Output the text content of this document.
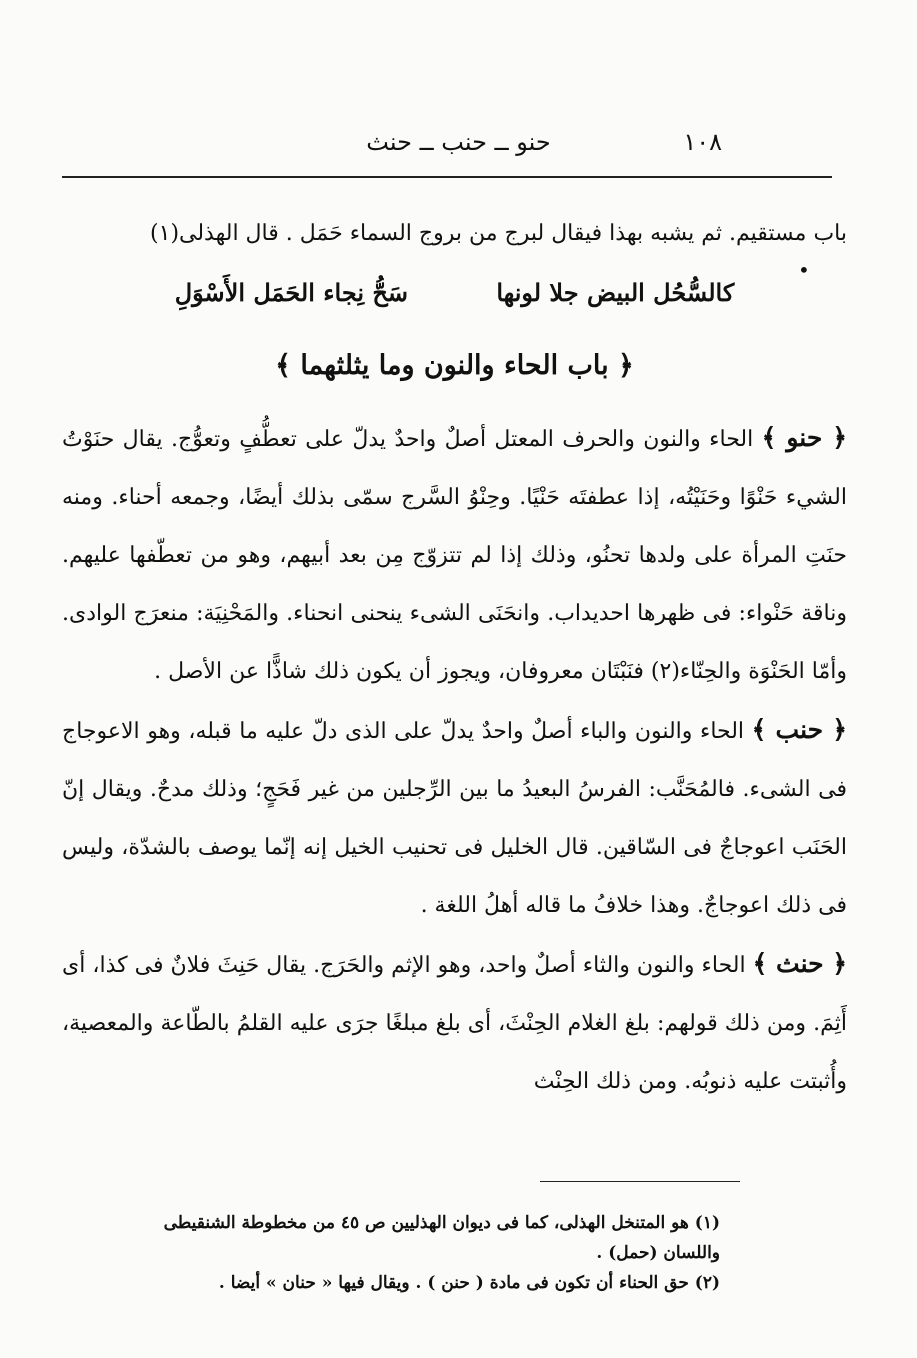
حنو ــ حنب ــ حنث	١٠٨
•

باب مستقيم. ثم يشبه بهذا فيقال لبرج من بروج السماء حَمَل . قال الهذلى(١)

كالسُّحُل البيض جلا لونها سَحُّ نِجاء الحَمَل الأَسْوَلِ
﴿ باب الحاء والنون وما يثلثهما ﴾

﴿ حنو ﴾ الحاء والنون والحرف المعتل أصلٌ واحدٌ يدلّ على تعطُّفٍ وتعوُّج. يقال حنَوْتُ الشيء حَنْوًا وحَنَيْتُه، إذا عطفتَه حَنْيًا. وحِنْوُ السَّرج سمّى بذلك أيضًا، وجمعه أحناء. ومنه حنَتِ المرأة على ولدها تحنُو، وذلك إذا لم تتزوّج مِن بعد أبيهم، وهو من تعطّفها عليهم. وناقة حَنْواء: فى ظهرها احديداب. وانحَنَى الشىء ينحنى انحناء. والمَحْنِيَة: منعرَج الوادى. وأمّا الحَنْوَة والحِنّاء(٢) فنَبْتَان معروفان، ويجوز أن يكون ذلك شاذًّا عن الأصل .

﴿ حنب ﴾ الحاء والنون والباء أصلٌ واحدٌ يدلّ على الذى دلّ عليه ما قبله، وهو الاعوجاج فى الشىء. فالمُحَنَّب: الفرسُ البعيدُ ما بين الرِّجلين من غير فَحَجٍ؛ وذلك مدحٌ. ويقال إنّ الحَنَب اعوجاجٌ فى السّاقين. قال الخليل فى تحنيب الخيل إنه إنّما يوصف بالشدّة، وليس فى ذلك اعوجاجٌ. وهذا خلافُ ما قاله أهلُ اللغة .

﴿ حنث ﴾ الحاء والنون والثاء أصلٌ واحد، وهو الإثم والحَرَج. يقال حَنِثَ فلانٌ فى كذا، أى أَثِمَ. ومن ذلك قولهم: بلغ الغلام الحِنْثَ، أى بلغ مبلغًا جرَى عليه القلمُ بالطّاعة والمعصية، وأُثبتت عليه ذنوبُه. ومن ذلك الحِنْث

(١) هو المتنخل الهذلى، كما فى ديوان الهذليين ص ٤٥ من مخطوطة الشنقيطى واللسان (حمل) .

(٢) حق الحناء أن تكون فى مادة ( حنن ) . ويقال فيها « حنان » أيضا .
